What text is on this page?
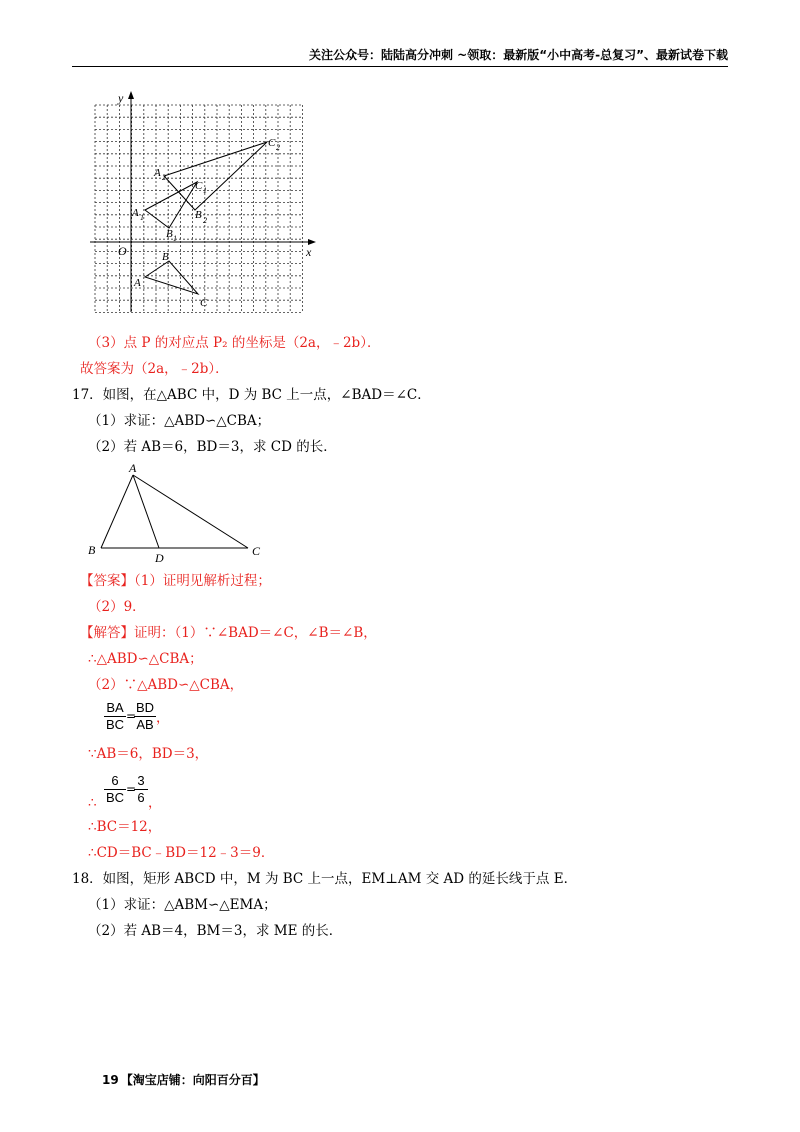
关注公众号：陆陆高分冲刺 ~领取：最新版“小中高考-总复习”、最新试卷下载
x
y
O
A
B
C
A 1
B 1
C 1
A 2
B 2
C 2
（3）点 P 的对应点 P₂ 的坐标是（2a，﹣2b）．
故答案为（2a，﹣2b）．
17．如图，在△ABC 中，D 为 BC 上一点，∠BAD＝∠C．
（1）求证：△ABD∽△CBA；
（2）若 AB＝6，BD＝3，求 CD 的长．
A
B	C
D
【答案】（1）证明见解析过程；
（2）9．
【解答】证明：（1）∵∠BAD＝∠C，∠B＝∠B，
∴△ABD∽△CBA；
（2）∵△ABD∽△CBA，
$\frac{BA}{BC}$ =
$\frac{BD}{AB}$ ，
∵AB＝6，BD＝3，
∴ $\frac{6}{BC}$ =
$\frac{3}{6}$ ，
∴BC＝12，
∴CD＝BC﹣BD＝12﹣3＝9．
18．如图，矩形 ABCD 中，M 为 BC 上一点，EM⊥AM 交 AD 的延长线于点 E．
（1）求证：△ABM∽△EMA；
（2）若 AB＝4，BM＝3，求 ME 的长．
19 【淘宝店铺：向阳百分百】
